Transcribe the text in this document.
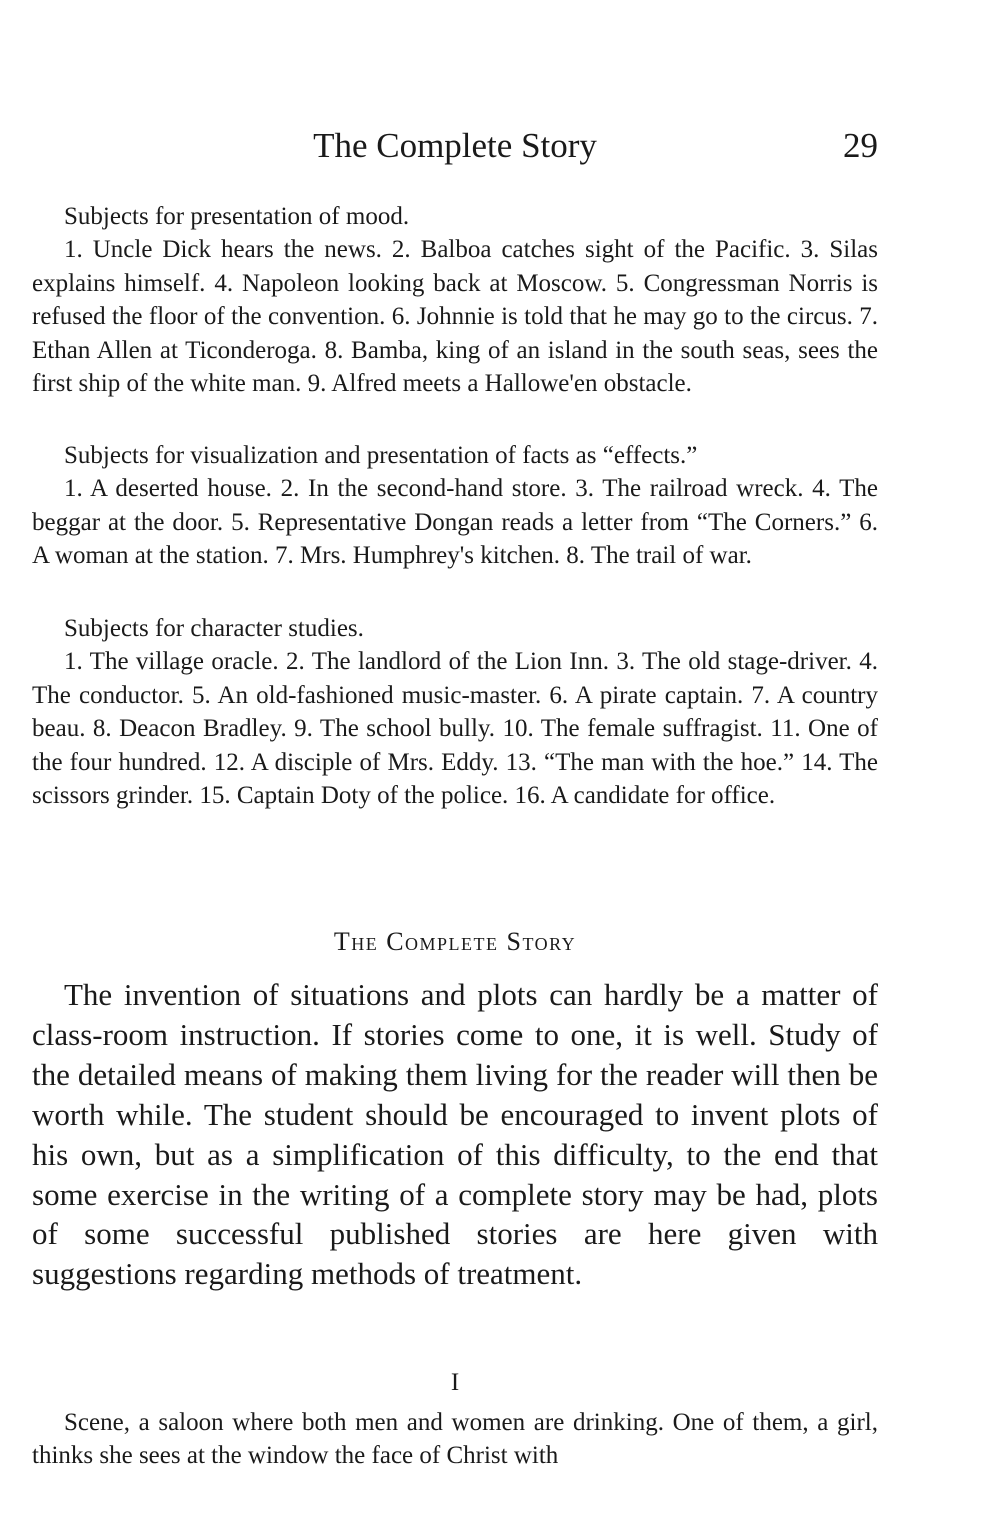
The Complete Story	29

Subjects for presentation of mood.

1. Uncle Dick hears the news. 2. Balboa catches sight of the Pacific. 3. Silas explains himself. 4. Napoleon looking back at Moscow. 5. Congressman Norris is refused the floor of the convention. 6. Johnnie is told that he may go to the circus. 7. Ethan Allen at Ticonderoga. 8. Bamba, king of an island in the south seas, sees the first ship of the white man. 9. Alfred meets a Hallowe'en obstacle.

Subjects for visualization and presentation of facts as “effects.”

1. A deserted house. 2. In the second-hand store. 3. The railroad wreck. 4. The beggar at the door. 5. Representative Dongan reads a letter from “The Corners.” 6. A woman at the station. 7. Mrs. Humphrey's kitchen. 8. The trail of war.

Subjects for character studies.

1. The village oracle. 2. The landlord of the Lion Inn. 3. The old stage-driver. 4. The conductor. 5. An old-fashioned music-master. 6. A pirate captain. 7. A country beau. 8. Deacon Bradley. 9. The school bully. 10. The female suffragist. 11. One of the four hundred. 12. A disciple of Mrs. Eddy. 13. “The man with the hoe.” 14. The scissors grinder. 15. Captain Doty of the police. 16. A candidate for office.

The Complete Story

The invention of situations and plots can hardly be a matter of class-room instruction. If stories come to one, it is well. Study of the detailed means of making them living for the reader will then be worth while. The student should be encouraged to invent plots of his own, but as a simplification of this difficulty, to the end that some exercise in the writing of a complete story may be had, plots of some successful published stories are here given with suggestions regarding methods of treatment.

I

Scene, a saloon where both men and women are drinking. One of them, a girl, thinks she sees at the window the face of Christ with
